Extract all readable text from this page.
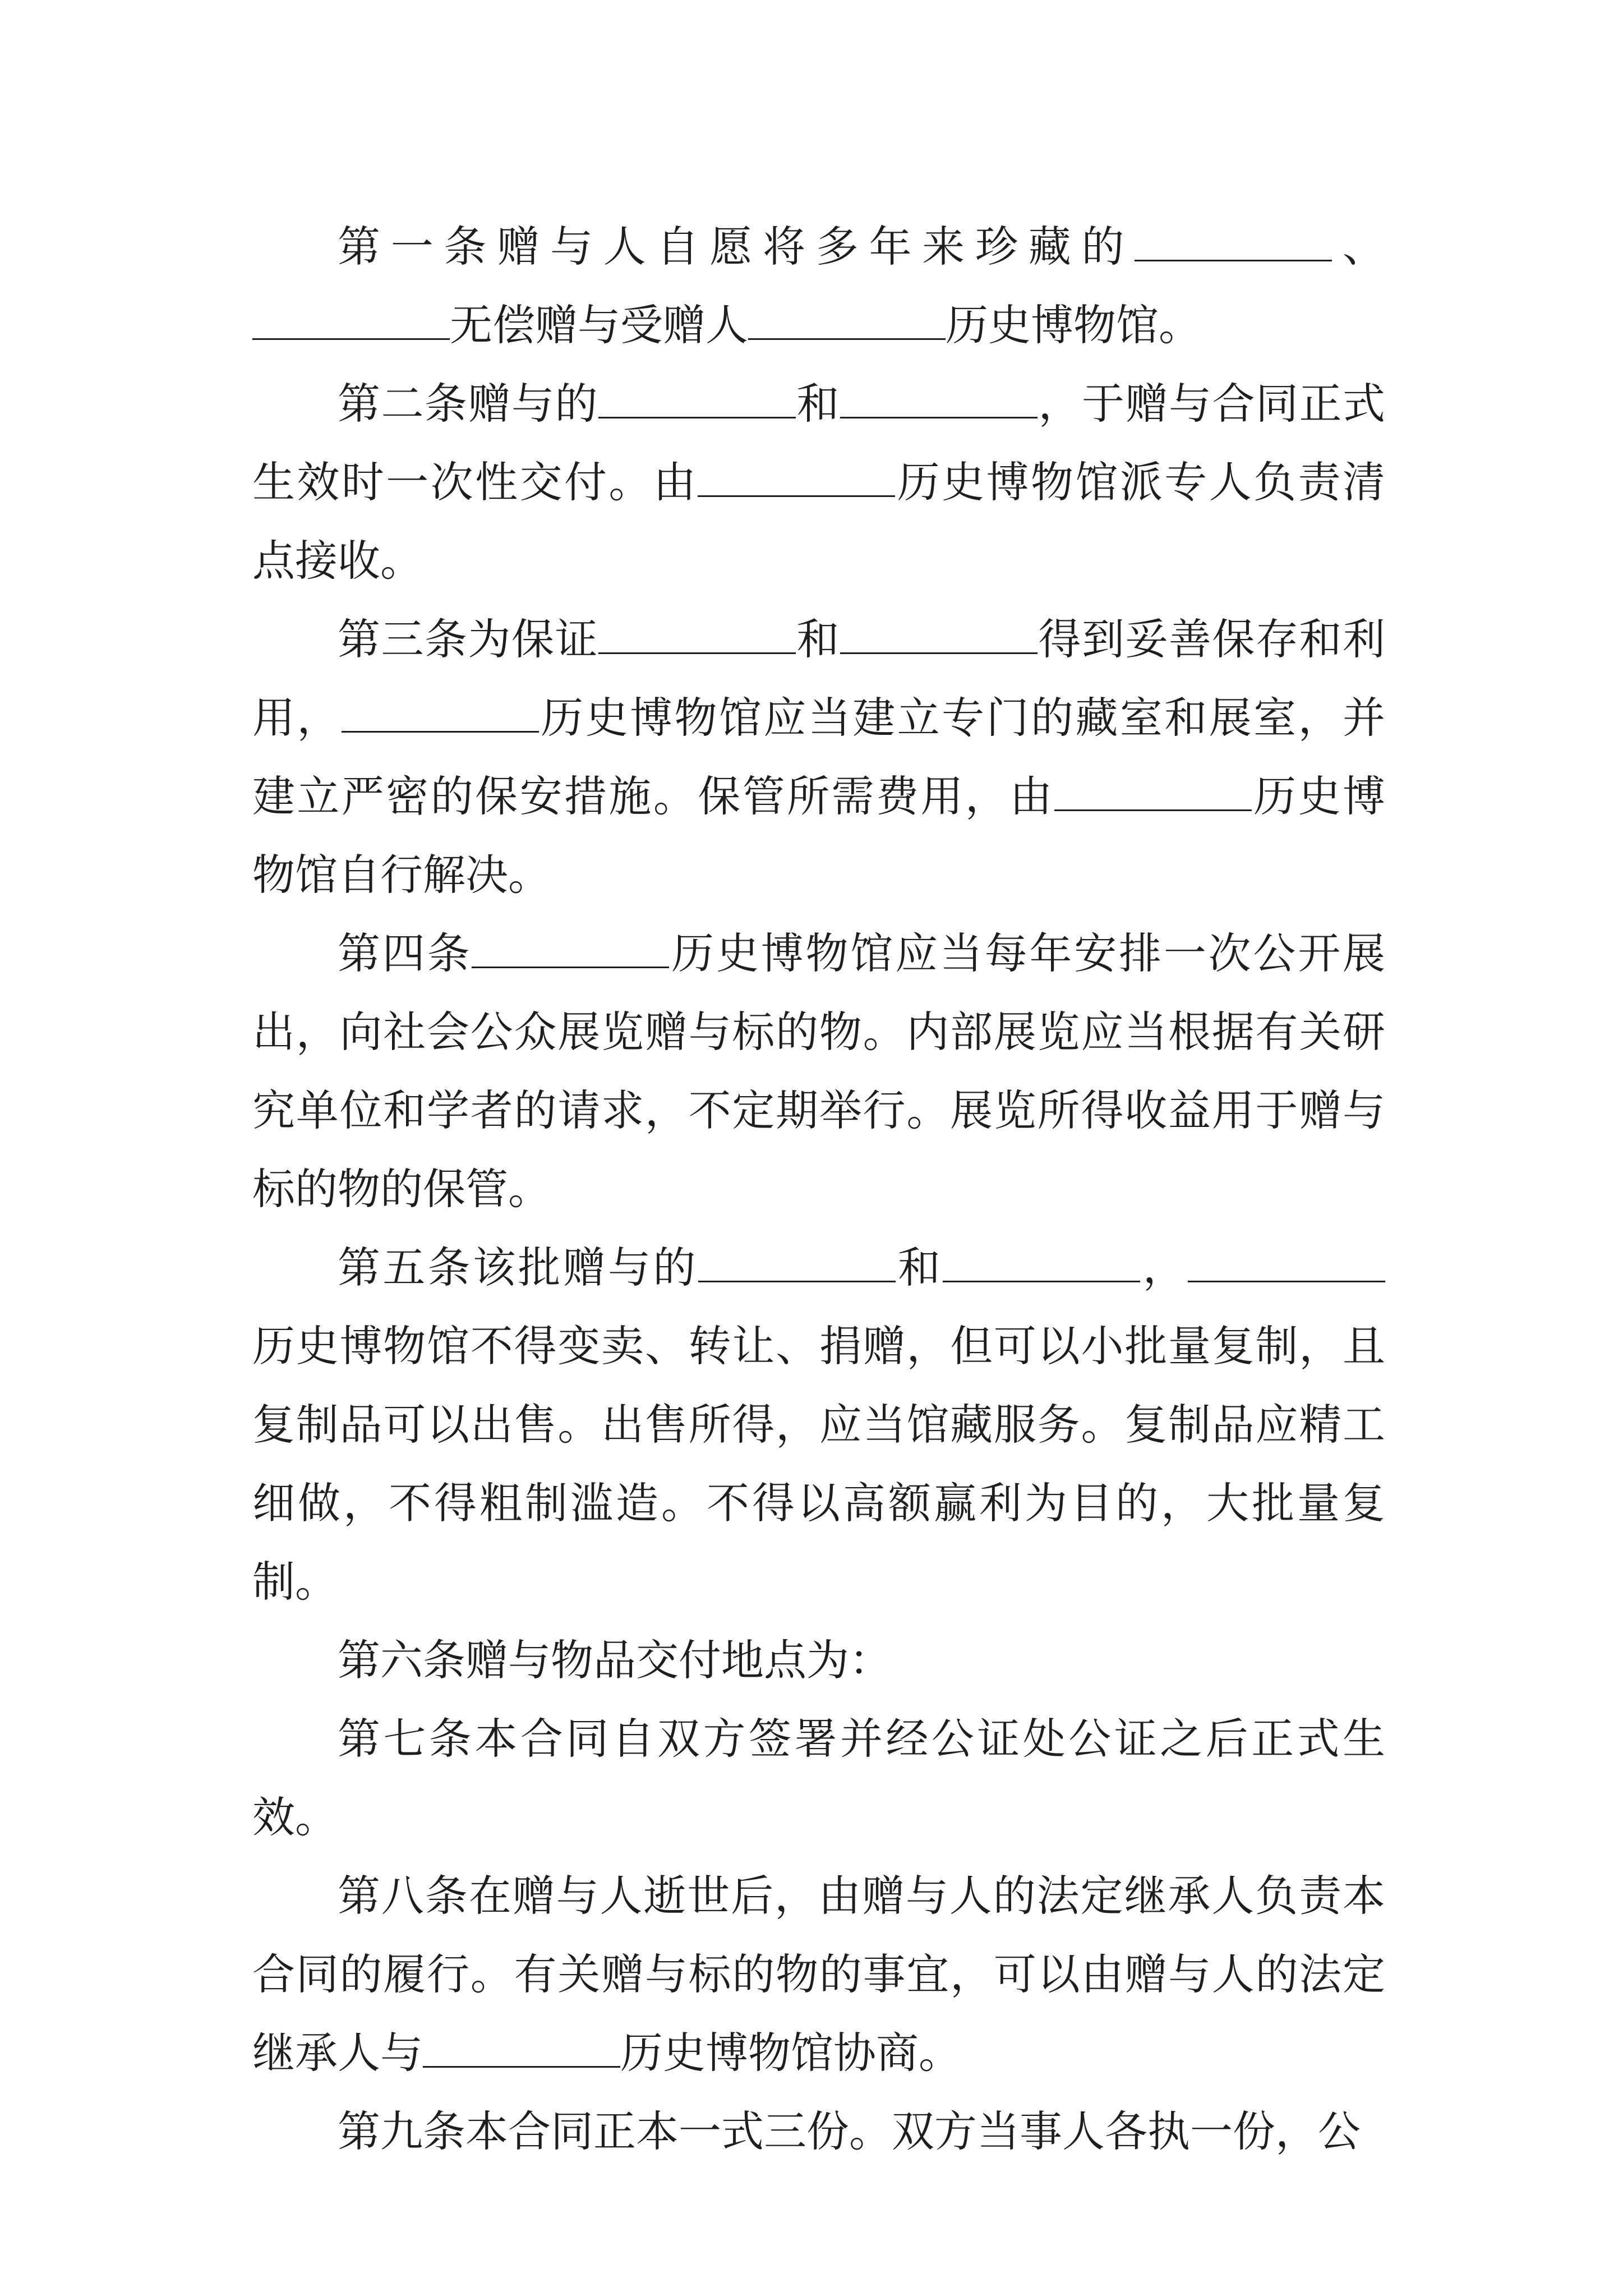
第一条赠与人自愿将多年来珍藏的	、无偿赠与受赠人	历史博物馆。

第二条赠与的	和	，于赠与合同正式生效时一次性交付。由	历史博物馆派专人负责清点接收。

第三条为保证	和	得到妥善保存和利用，	历史博物馆应当建立专门的藏室和展室，并建立严密的保安措施。保管所需费用，由	历史博物馆自行解决。

第四条	历史博物馆应当每年安排一次公开展出，向社会公众展览赠与标的物。内部展览应当根据有关研究单位和学者的请求，不定期举行。展览所得收益用于赠与标的物的保管。

第五条该批赠与的	和	，历史博物馆不得变卖、转让、捐赠，但可以小批量复制，且复制品可以出售。出售所得，应当馆藏服务。复制品应精工细做，不得粗制滥造。不得以高额赢利为目的，大批量复制。

第六条赠与物品交付地点为：

第七条本合同自双方签署并经公证处公证之后正式生效。

第八条在赠与人逝世后，由赠与人的法定继承人负责本合同的履行。有关赠与标的物的事宜，可以由赠与人的法定继承人与	历史博物馆协商。

第九条本合同正本一式三份。双方当事人各执一份，公
